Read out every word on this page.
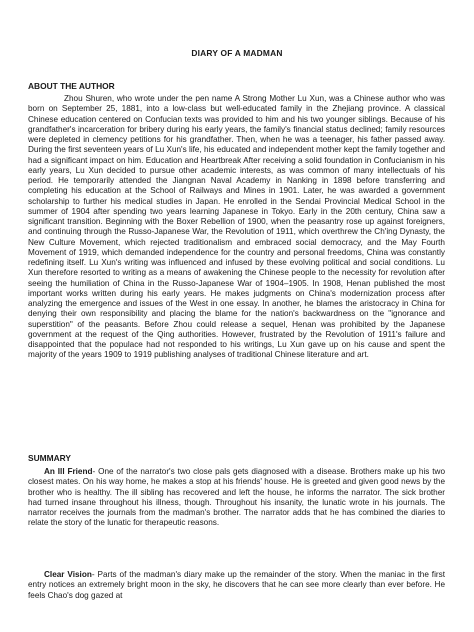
DIARY OF A MADMAN
ABOUT THE AUTHOR

Zhou Shuren, who wrote under the pen name A Strong Mother Lu Xun, was a Chinese author who was born on September 25, 1881, into a low-class but well-educated family in the Zhejiang province. A classical Chinese education centered on Confucian texts was provided to him and his two younger siblings. Because of his grandfather's incarceration for bribery during his early years, the family's financial status declined; family resources were depleted in clemency petitions for his grandfather. Then, when he was a teenager, his father passed away. During the first seventeen years of Lu Xun's life, his educated and independent mother kept the family together and had a significant impact on him. Education and Heartbreak After receiving a solid foundation in Confucianism in his early years, Lu Xun decided to pursue other academic interests, as was common of many intellectuals of his period. He temporarily attended the Jiangnan Naval Academy in Nanking in 1898 before transferring and completing his education at the School of Railways and Mines in 1901. Later, he was awarded a government scholarship to further his medical studies in Japan. He enrolled in the Sendai Provincial Medical School in the summer of 1904 after spending two years learning Japanese in Tokyo. Early in the 20th century, China saw a significant transition. Beginning with the Boxer Rebellion of 1900, when the peasantry rose up against foreigners, and continuing through the Russo-Japanese War, the Revolution of 1911, which overthrew the Ch'ing Dynasty, the New Culture Movement, which rejected traditionalism and embraced social democracy, and the May Fourth Movement of 1919, which demanded independence for the country and personal freedoms, China was constantly redefining itself. Lu Xun's writing was influenced and infused by these evolving political and social conditions. Lu Xun therefore resorted to writing as a means of awakening the Chinese people to the necessity for revolution after seeing the humiliation of China in the Russo-Japanese War of 1904–1905. In 1908, Henan published the most important works written during his early years. He makes judgments on China's modernization process after analyzing the emergence and issues of the West in one essay. In another, he blames the aristocracy in China for denying their own responsibility and placing the blame for the nation's backwardness on the "ignorance and superstition" of the peasants. Before Zhou could release a sequel, Henan was prohibited by the Japanese government at the request of the Qing authorities. However, frustrated by the Revolution of 1911's failure and disappointed that the populace had not responded to his writings, Lu Xun gave up on his cause and spent the majority of the years 1909 to 1919 publishing analyses of traditional Chinese literature and art.

SUMMARY

An Ill Friend- One of the narrator's two close pals gets diagnosed with a disease. Brothers make up his two closest mates. On his way home, he makes a stop at his friends' house. He is greeted and given good news by the brother who is healthy. The ill sibling has recovered and left the house, he informs the narrator. The sick brother had turned insane throughout his illness, though. Throughout his insanity, the lunatic wrote in his journals. The narrator receives the journals from the madman's brother. The narrator adds that he has combined the diaries to relate the story of the lunatic for therapeutic reasons.

Clear Vision- Parts of the madman's diary make up the remainder of the story. When the maniac in the first entry notices an extremely bright moon in the sky, he discovers that he can see more clearly than ever before. He feels Chao's dog gazed at
